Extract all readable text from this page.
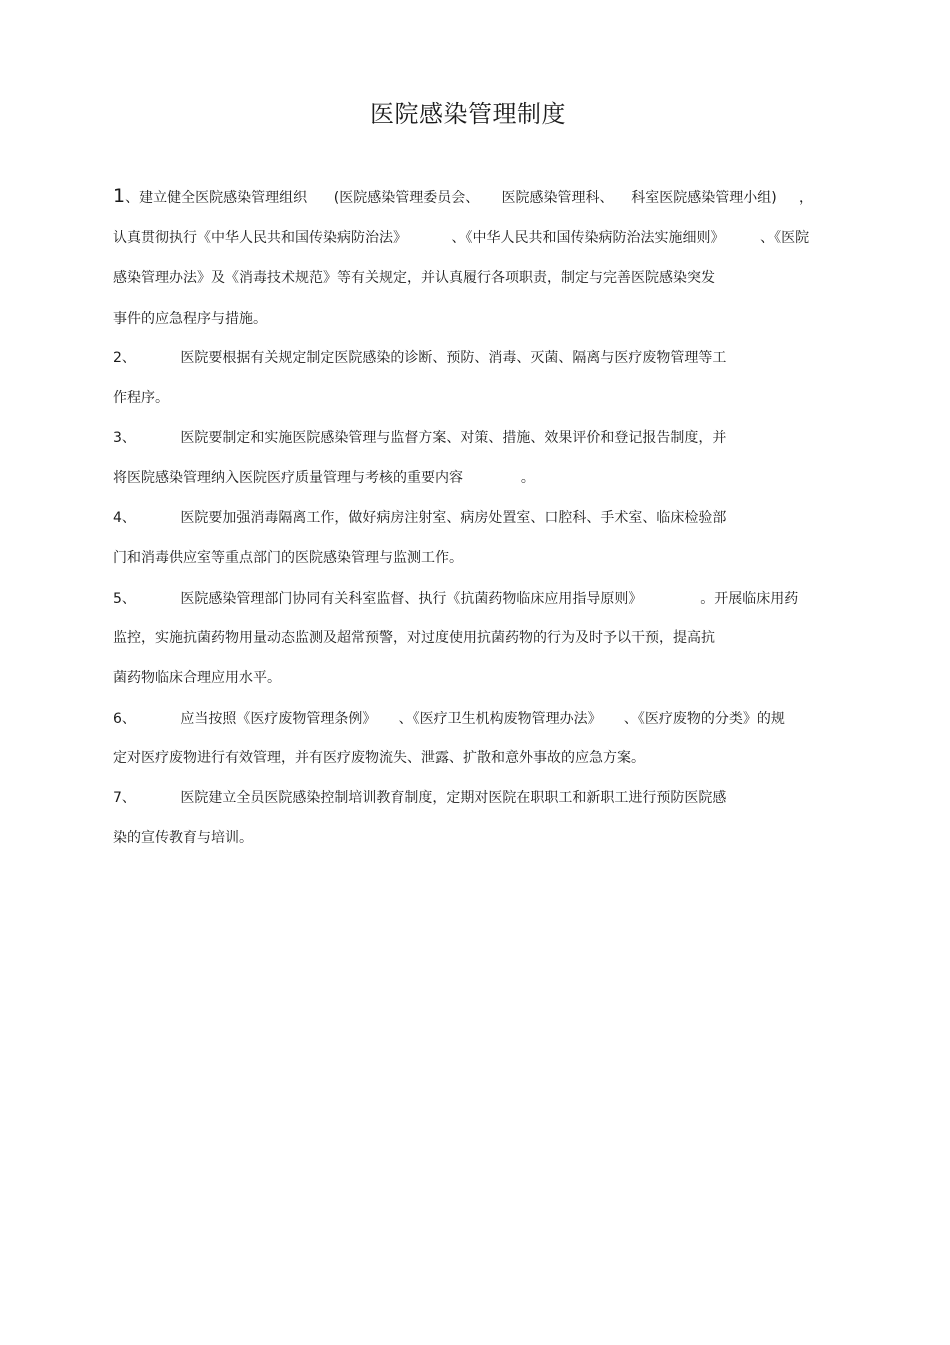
医院感染管理制度
1、建立健全医院感染管理组织      (医院感染管理委员会、     医院感染管理科、    科室医院感染管理小组)     ，
认真贯彻执行《中华人民共和国传染病防治法》          、《中华人民共和国传染病防治法实施细则》        、《医院
感染管理办法》及《消毒技术规范》等有关规定，并认真履行各项职责，制定与完善医院感染突发
事件的应急程序与措施。
2、          医院要根据有关规定制定医院感染的诊断、预防、消毒、灭菌、隔离与医疗废物管理等工
作程序。
3、          医院要制定和实施医院感染管理与监督方案、对策、措施、效果评价和登记报告制度，并
将医院感染管理纳入医院医疗质量管理与考核的重要内容             。
4、          医院要加强消毒隔离工作，做好病房注射室、病房处置室、口腔科、手术室、临床检验部
门和消毒供应室等重点部门的医院感染管理与监测工作。
5、          医院感染管理部门协同有关科室监督、执行《抗菌药物临床应用指导原则》             。开展临床用药
监控，实施抗菌药物用量动态监测及超常预警，对过度使用抗菌药物的行为及时予以干预，提高抗
菌药物临床合理应用水平。
6、          应当按照《医疗废物管理条例》     、《医疗卫生机构废物管理办法》     、《医疗废物的分类》的规
定对医疗废物进行有效管理，并有医疗废物流失、泄露、扩散和意外事故的应急方案。
7、          医院建立全员医院感染控制培训教育制度，定期对医院在职职工和新职工进行预防医院感
染的宣传教育与培训。
